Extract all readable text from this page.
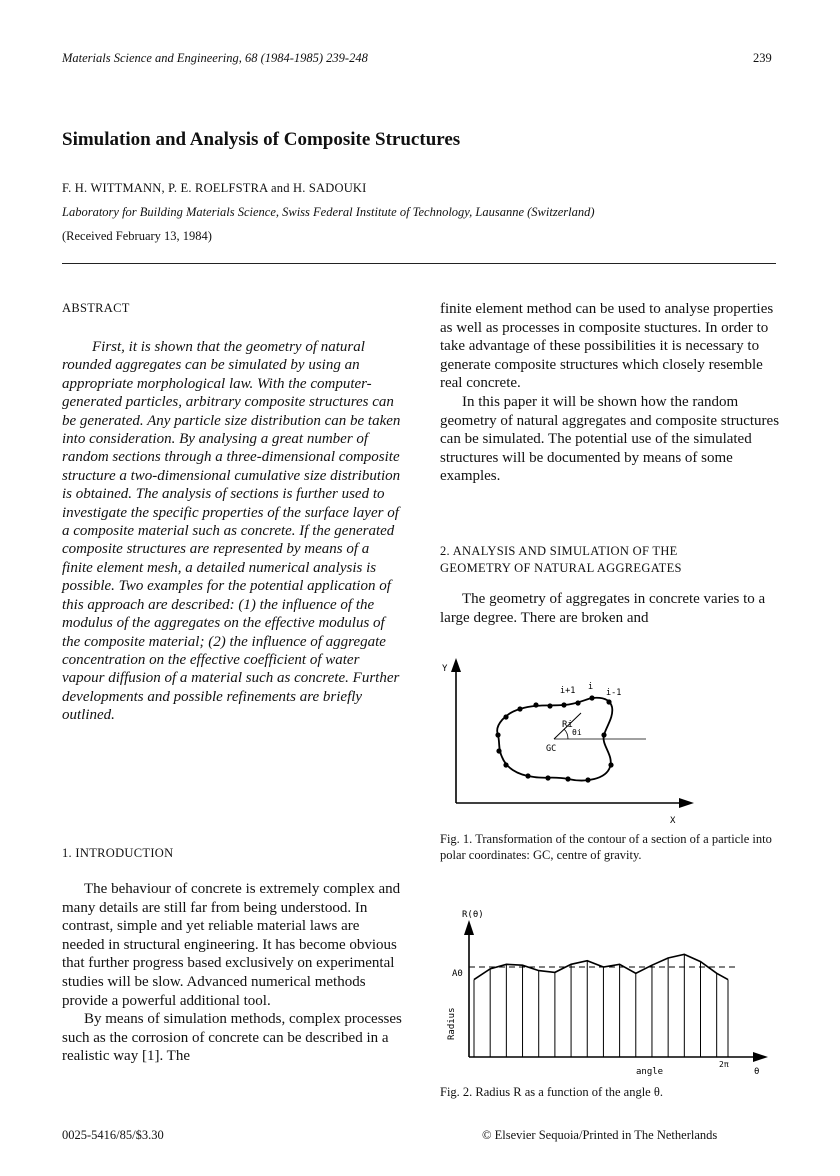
Materials Science and Engineering, 68 (1984-1985) 239-248	239
Simulation and Analysis of Composite Structures
F. H. WITTMANN, P. E. ROELFSTRA and H. SADOUKI
Laboratory for Building Materials Science, Swiss Federal Institute of Technology, Lausanne (Switzerland)
(Received February 13, 1984)
ABSTRACT

First, it is shown that the geometry of natural rounded aggregates can be simulated by using an appropriate morphological law. With the computer-generated particles, arbitrary composite structures can be generated. Any particle size distribution can be taken into consideration. By analysing a great number of random sections through a three-dimensional composite structure a two-dimensional cumulative size distribution is obtained. The analysis of sections is further used to investigate the specific properties of the surface layer of a composite material such as concrete. If the generated composite structures are represented by means of a finite element mesh, a detailed numerical analysis is possible. Two examples for the potential application of this approach are described: (1) the influence of the modulus of the aggregates on the effective modulus of the composite material; (2) the influence of aggregate concentration on the effective coefficient of water vapour diffusion of a material such as concrete. Further developments and possible refinements are briefly outlined.

1. INTRODUCTION

The behaviour of concrete is extremely complex and many details are still far from being understood. In contrast, simple and yet reliable material laws are needed in structural engineering. It has become obvious that further progress based exclusively on experimental studies will be slow. Advanced numerical methods provide a powerful additional tool.

By means of simulation methods, complex processes such as the corrosion of concrete can be described in a realistic way [1]. The

finite element method can be used to analyse properties as well as processes in composite stuctures. In order to take advantage of these possibilities it is necessary to generate composite structures which closely resemble real concrete.

In this paper it will be shown how the random geometry of natural aggregates and composite structures can be simulated. The potential use of the simulated structures will be documented by means of some examples.

2. ANALYSIS AND SIMULATION OF THE
GEOMETRY OF NATURAL AGGREGATES

The geometry of aggregates in concrete varies to a large degree. There are broken and

Y
X
i+1 i
i-1
Ri
θi
GC
Fig. 1. Transformation of the contour of a section of a particle into polar coordinates: GC, centre of gravity.
R(θ)
A0
Radius
angle
2π
θ
Fig. 2. Radius R as a function of the angle θ.
0025-5416/85/$3.30	© Elsevier Sequoia/Printed in The Netherlands
